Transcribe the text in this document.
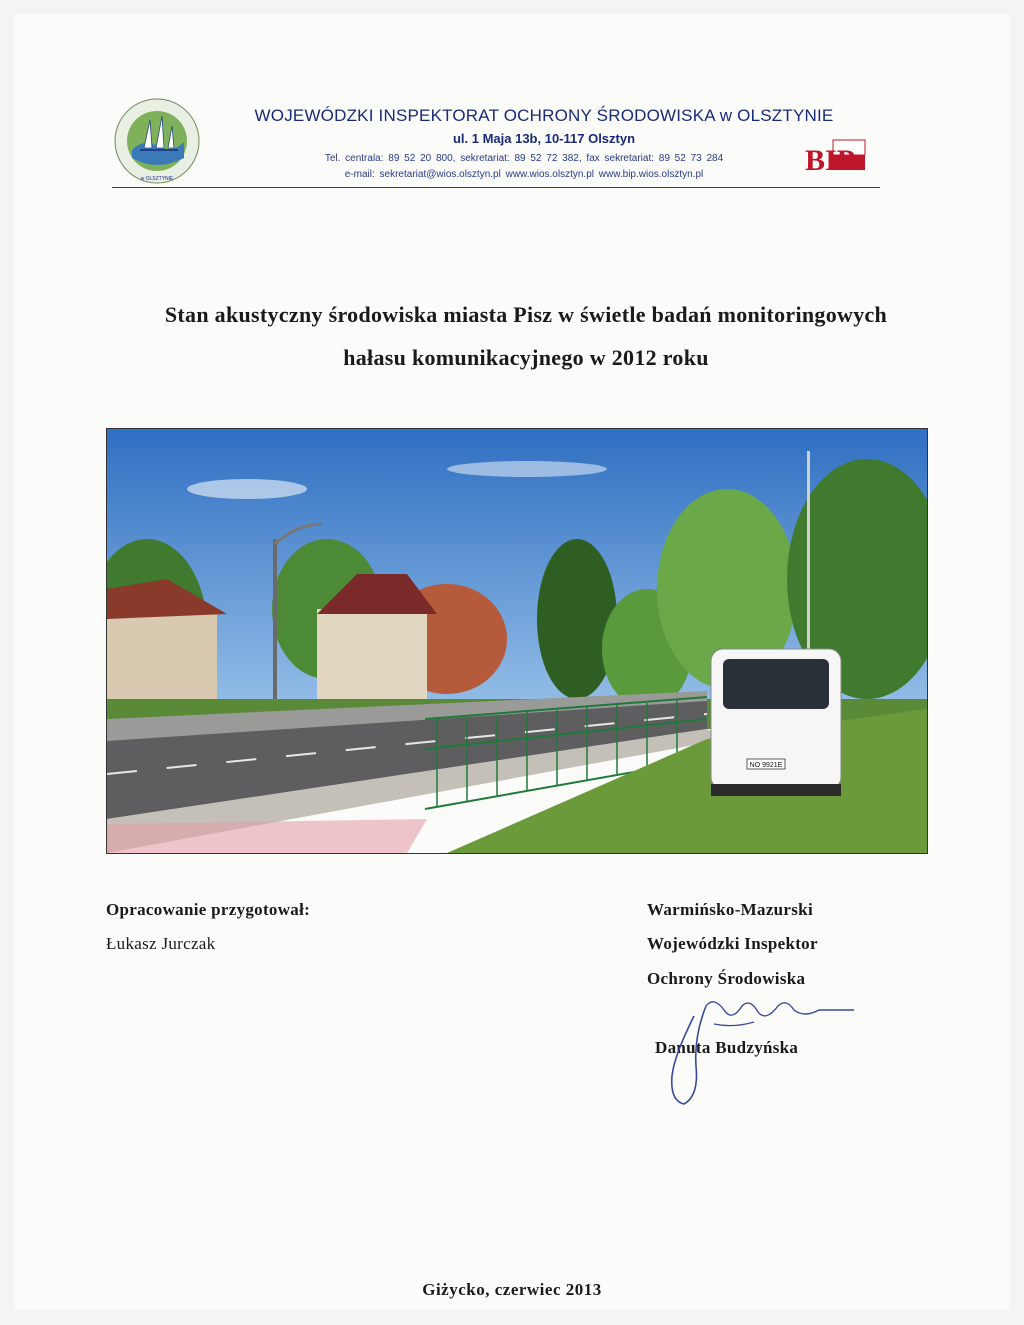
w OLSZTYNIE
WOJEWÓDZKI INSPEKTORAT OCHRONY ŚRODOWISKA w OLSZTYNIE
ul. 1 Maja 13b, 10-117 Olsztyn
Tel. centrala: 89 52 20 800, sekretariat: 89 52 72 382, fax sekretariat: 89 52 73 284
e-mail: sekretariat@wios.olsztyn.pl www.wios.olsztyn.pl www.bip.wios.olsztyn.pl	BIP
Stan akustyczny środowiska miasta Pisz w świetle badań monitoringowych
hałasu komunikacyjnego w 2012 roku
NO 9921E
Opracowanie przygotował:
Łukasz Jurczak
Warmińsko-Mazurski
Wojewódzki Inspektor
Ochrony Środowiska
Danuta Budzyńska
Giżycko, czerwiec 2013
